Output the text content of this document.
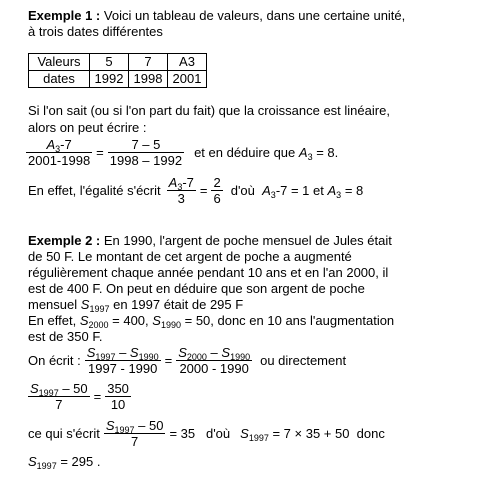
Exemple 1 : Voici un tableau de valeurs, dans une certaine unité,
à trois dates différentes
Valeurs	5	7	A3
dates	1992	1998	2001
Si l'on sait (ou si l'on part du fait) que la croissance est linéaire,
alors on peut écrire :
$\frac{A_3-7}{2001-1998} = \frac{7 - 5}{1998 - 1992}$ et en déduire que $A_3 = 8$.
En effet, l'égalité s'écrit $\frac{A_3-7}{3} = \frac{2}{6}$ d'où $A_3-7 = 1$ et $A_3 = 8$
Exemple 2 : En 1990, l'argent de poche mensuel de Jules était
de 50 F. Le montant de cet argent de poche a augmenté
régulièrement chaque année pendant 10 ans et en l'an 2000, il
est de 400 F. On peut en déduire que son argent de poche
mensuel $S_{1997}$ en 1997 était de 295 F
En effet, $S_{2000} = 400$, $S_{1990} = 50$, donc en 10 ans l'augmentation
est de 350 F.
On écrit : $\frac{S_{1997} - S_{1990}}{1997 - 1990} = \frac{S_{2000} - S_{1990}}{2000 - 1990}$ ou directement
$\frac{S_{1997} - 50}{7} = \frac{350}{10}$
ce qui s'écrit $\frac{S_{1997} - 50}{7} = 35$   d'où $S_{1997} = 7 \times 35 + 50$  donc
$S_{1997} = 295$ .
